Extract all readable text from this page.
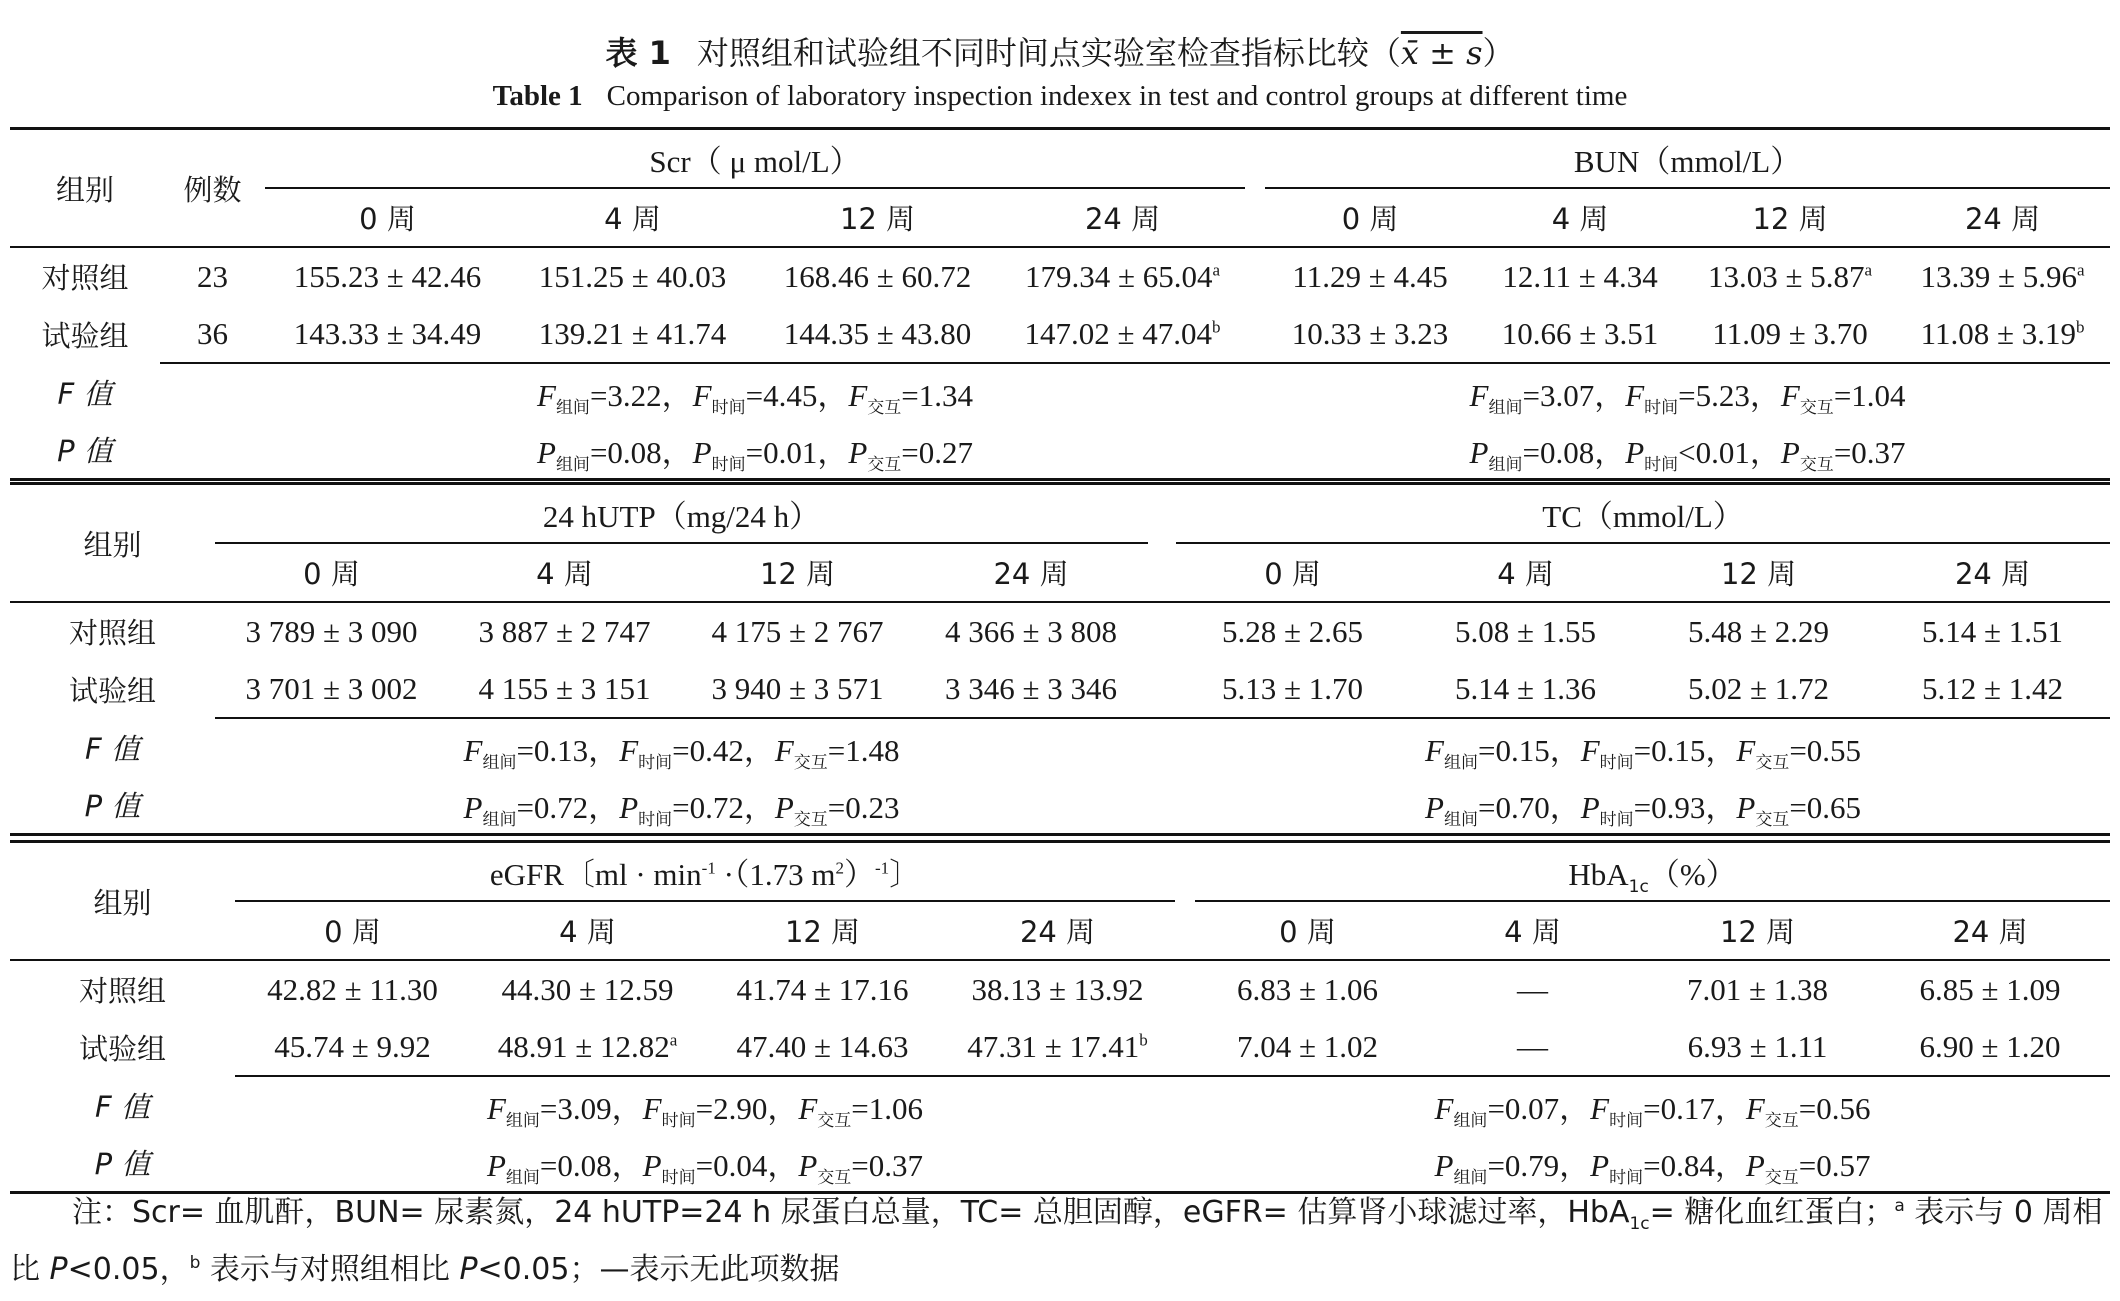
表 1 对照组和试验组不同时间点实验室检查指标比较（x̄ ± s）
Table 1 Comparison of laboratory inspection indexex in test and control groups at different time
组别	例数	Scr（ μ mol/L）					BUN（mmol/L）			
		0 周	4 周	12 周	24 周		0 周	4 周	12 周	24 周
对照组	23	155.23 ± 42.46	151.25 ± 40.03	168.46 ± 60.72	179.34 ± 65.04$^a$		11.29 ± 4.45	12.11 ± 4.34	13.03 ± 5.87$^a$	13.39 ± 5.96$^a$
试验组	36	143.33 ± 34.49	139.21 ± 41.74	144.35 ± 43.80	147.02 ± 47.04$^b$		10.33 ± 3.23	10.66 ± 3.51	11.09 ± 3.70	11.08 ± 3.19$^b$
F 值		$F_{组间}=3.22$，$F_{时间}=4.45$，$F_{交互}=1.34$					$F_{组间}=3.07$，$F_{时间}=5.23$，$F_{交互}=1.04$			
P 值		$P_{组间}=0.08$，$P_{时间}=0.01$，$P_{交互}=0.27$					$P_{组间}=0.08$，$P_{时间}<0.01$，$P_{交互}=0.37$			
组别	24 hUTP（mg/24 h）					TC（mmol/L）			
	0 周	4 周	12 周	24 周		0 周	4 周	12 周	24 周
对照组	3 789 ± 3 090	3 887 ± 2 747	4 175 ± 2 767	4 366 ± 3 808		5.28 ± 2.65	5.08 ± 1.55	5.48 ± 2.29	5.14 ± 1.51
试验组	3 701 ± 3 002	4 155 ± 3 151	3 940 ± 3 571	3 346 ± 3 346		5.13 ± 1.70	5.14 ± 1.36	5.02 ± 1.72	5.12 ± 1.42
F 值	$F_{组间}=0.13$，$F_{时间}=0.42$，$F_{交互}=1.48$					$F_{组间}=0.15$，$F_{时间}=0.15$，$F_{交互}=0.55$			
P 值	$P_{组间}=0.72$，$P_{时间}=0.72$，$P_{交互}=0.23$					$P_{组间}=0.70$，$P_{时间}=0.93$，$P_{交互}=0.65$			
组别	eGFR〔ml · $\min^{-1} \cdot(1.73$ $m^2)^{-1}$〕					HbA$_{1c}$（%）			
	0 周	4 周	12 周	24 周		0 周	4 周	12 周	24 周
对照组	42.82 ± 11.30	44.30 ± 12.59	41.74 ± 17.16	38.13 ± 13.92		6.83 ± 1.06	—	7.01 ± 1.38	6.85 ± 1.09
试验组	45.74 ± 9.92	48.91 ± 12.82$^a$	47.40 ± 14.63	47.31 ± 17.41$^b$		7.04 ± 1.02	—	6.93 ± 1.11	6.90 ± 1.20
F 值	$F_{组间}=3.09$，$F_{时间}=2.90$，$F_{交互}=1.06$					$F_{组间}=0.07$，$F_{时间}=0.17$，$F_{交互}=0.56$			
P 值	$P_{组间}=0.08$，$P_{时间}=0.04$，$P_{交互}=0.37$					$P_{组间}=0.79$，$P_{时间}=0.84$，$P_{交互}=0.57$			
注：Scr= 血肌酐，BUN= 尿素氮，24 hUTP=24 h 尿蛋白总量，TC= 总胆固醇，eGFR= 估算肾小球滤过率，HbA$_{1c}$= 糖化血红蛋白；$^a$ 表示与 0 周相比 P<0.05，$^b$ 表示与对照组相比 P<0.05；—表示无此项数据
